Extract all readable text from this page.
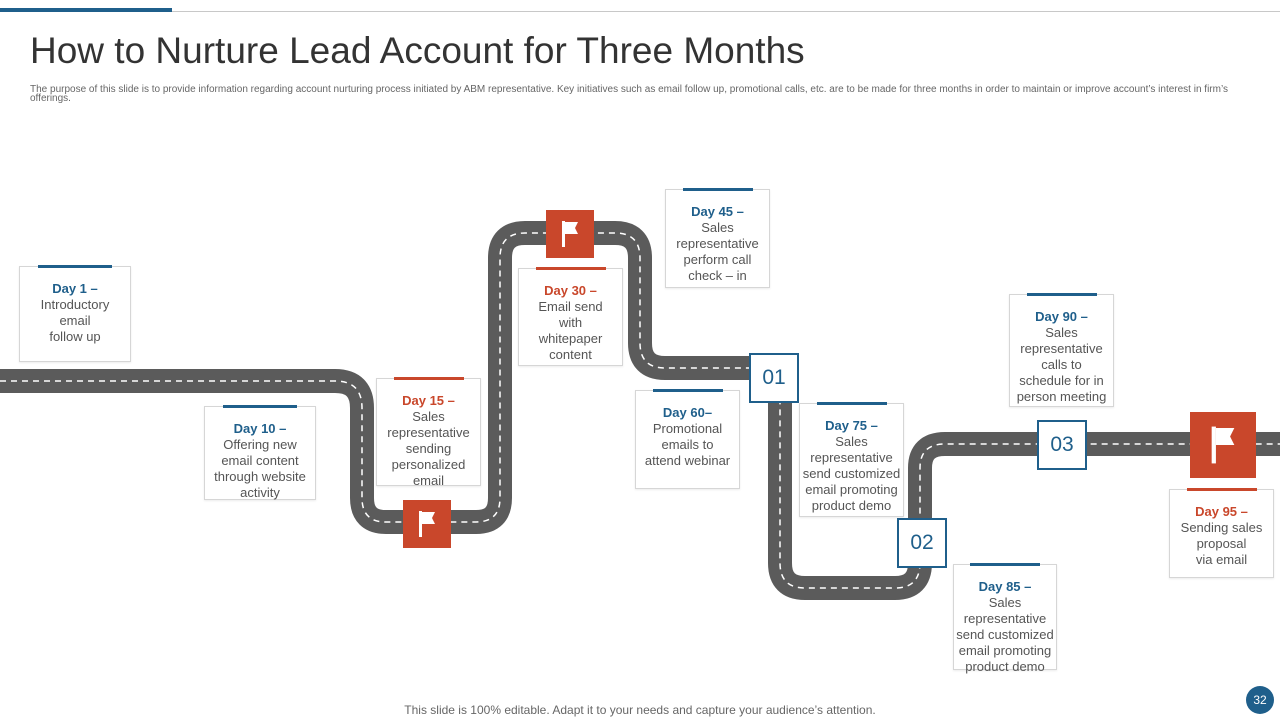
How to Nurture Lead Account for Three Months
The purpose of this slide is to provide information regarding account nurturing process initiated by ABM representative. Key initiatives such as email follow up, promotional calls, etc. are to be made for three months in order to maintain or improve account’s interest in firm’s offerings.
01
02
03
Day 1 –
Introductory
email
follow up
Day 10 –
Offering new
email content
through website
activity
Day 15 –
Sales
representative
sending
personalized
email
Day 30 –
Email send
with
whitepaper
content
Day 45 –
Sales
representative
perform call
check – in
Day 60–
Promotional
emails to
attend webinar
Day 75 –
Sales
representative
send customized
email promoting
product demo
Day 85 –
Sales
representative
send customized
email promoting
product demo
Day 90 –
Sales
representative
calls to
schedule for in
person meeting
Day 95 –
Sending sales
proposal
via email
This slide is 100% editable. Adapt it to your needs and capture your audience’s attention.
32
